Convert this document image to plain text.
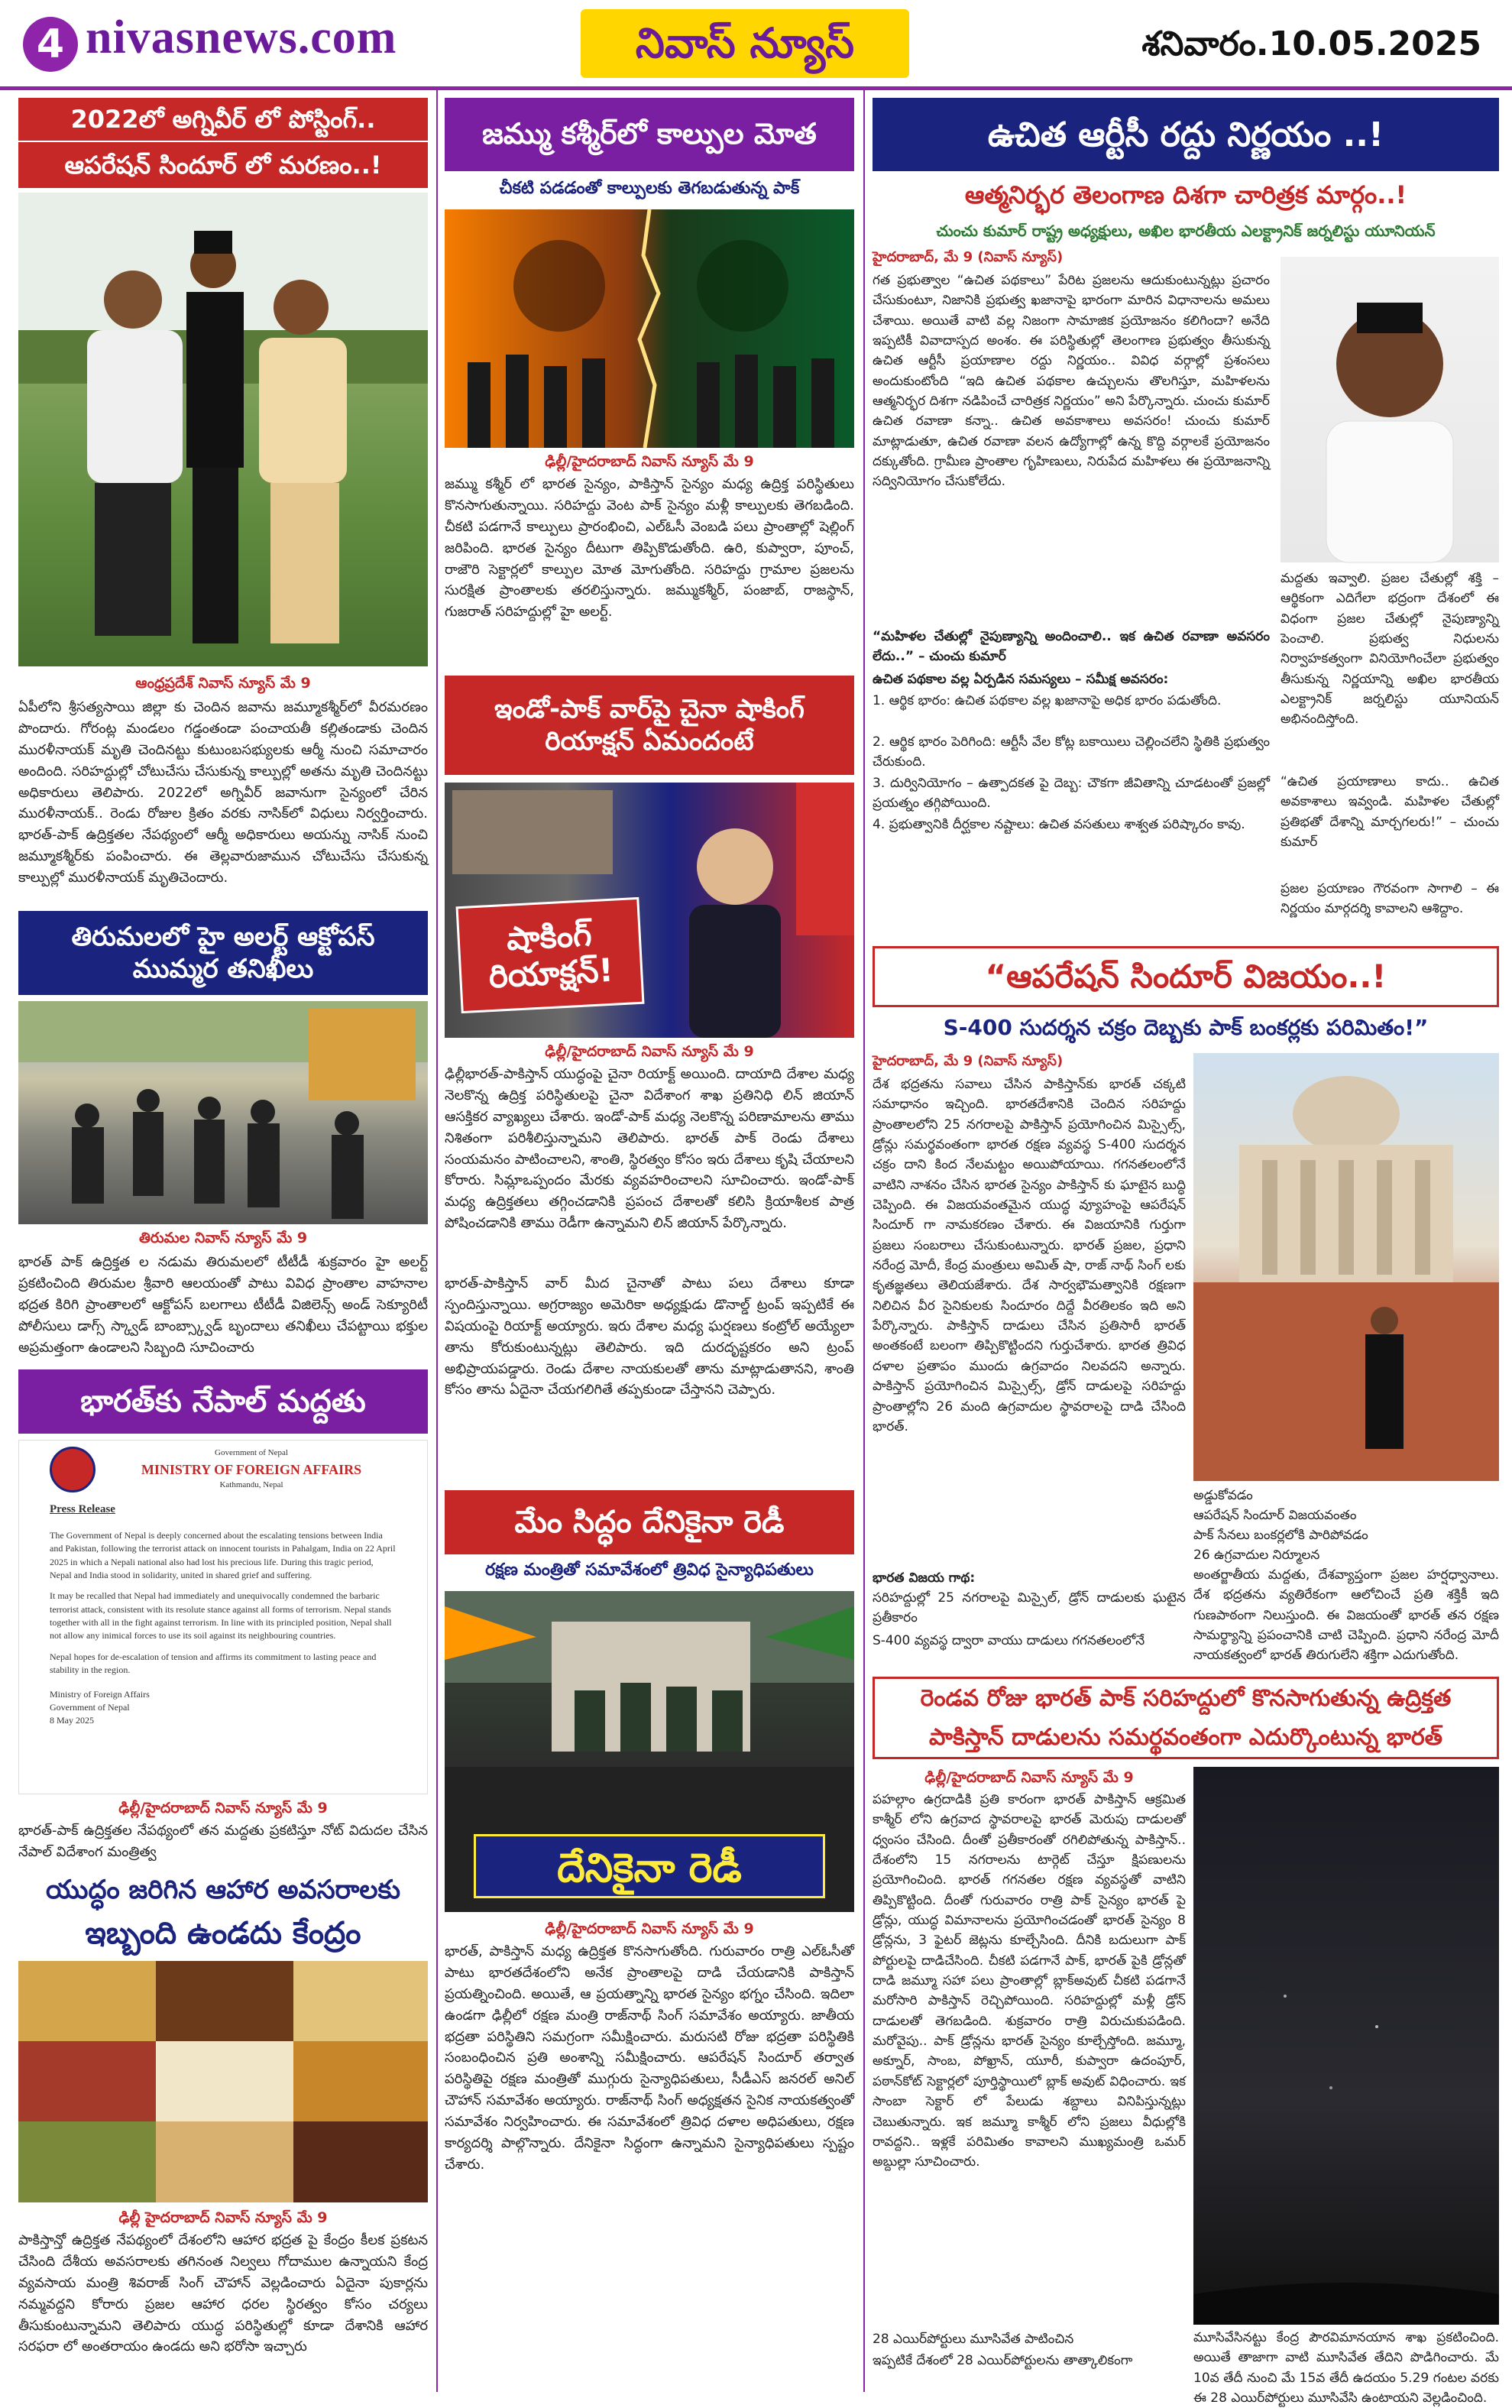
4 nivasnews.com	నివాస్ న్యూస్	శనివారం.10.05.2025
2022లో అగ్నివీర్ లో పోస్టింగ్..
ఆపరేషన్ సిందూర్ లో మరణం..!
ఆంధ్రప్రదేశ్ నివాస్ న్యూస్ మే 9
ఏపీలోని శ్రీసత్యసాయి జిల్లా కు చెందిన జవాను జమ్మూకశ్మీర్‌లో వీరమరణం పొందారు. గోరంట్ల మండలం గడ్డంతండా పంచాయతీ కల్లితండాకు చెందిన మురళీనాయక్ మృతి చెందినట్టు కుటుంబసభ్యులకు ఆర్మీ నుంచి సమాచారం అందింది. సరిహద్దుల్లో చోటుచేసు చేసుకున్న కాల్పుల్లో అతను మృతి చెందినట్టు అధికారులు తెలిపారు. 2022లో అగ్నివీర్ జవానుగా సైన్యంలో చేరిన మురళీనాయక్.. రెండు రోజుల క్రితం వరకు నాసిక్‌లో విధులు నిర్వర్తించారు. భారత్‌-పాక్ ఉద్రిక్తతల నేపథ్యంలో ఆర్మీ అధికారులు అయన్ను నాసిక్ నుంచి జమ్మూకశ్మీర్‌కు పంపించారు. ఈ తెల్లవారుజామున చోటుచేసు చేసుకున్న కాల్పుల్లో మురళీనాయక్ మృతిచెందారు.
తిరుమలలో హై అలర్ట్ ఆక్టోపస్ ముమ్మర తనిఖీలు
తిరుమల నివాస్ న్యూస్ మే 9
భారత్ పాక్ ఉద్రిక్తత ల నడుమ తిరుమలలో టీటీడీ శుక్రవారం హై అలర్ట్ ప్రకటించింది తిరుమల శ్రీవారి ఆలయంతో పాటు వివిధ ప్రాంతాల వాహనాల భద్రత కిరిగి ప్రాంతాలలో ఆక్టోపస్ బలగాలు టీటీడీ విజిలెన్స్ అండ్ సెక్యూరిటీ పోలీసులు డాగ్స్ స్క్వాడ్ బాంబ్స్క్వాడ్ బృందాలు తనిఖీలు చేపట్టాయి భక్తుల అప్రమత్తంగా ఉండాలని సిబ్బంది సూచించారు
భారత్‌కు నేపాల్ మద్దతు
Government of Nepal
MINISTRY OF FOREIGN AFFAIRS
Kathmandu, Nepal
Press Release

The Government of Nepal is deeply concerned about the escalating tensions between India and Pakistan, following the terrorist attack on innocent tourists in Pahalgam, India on 22 April 2025 in which a Nepali national also had lost his precious life. During this tragic period, Nepal and India stood in solidarity, united in shared grief and suffering.

It may be recalled that Nepal had immediately and unequivocally condemned the barbaric terrorist attack, consistent with its resolute stance against all forms of terrorism. Nepal stands together with all in the fight against terrorism. In line with its principled position, Nepal shall not allow any inimical forces to use its soil against its neighbouring countries.

Nepal hopes for de-escalation of tension and affirms its commitment to lasting peace and stability in the region.

Ministry of Foreign Affairs
Government of Nepal
8 May 2025
ఢిల్లీ/హైదరాబాద్ నివాస్ న్యూస్ మే 9
భారత్‌-పాక్ ఉద్రిక్తతల నేపథ్యంలో తన మద్దతు ప్రకటిస్తూ నోట్ విదుదల చేసిన నేపాల్ విదేశాంగ మంత్రిత్వ
యుద్ధం జరిగిన ఆహార అవసరాలకు
ఇబ్బంది ఉండదు కేంద్రం
ఢిల్లీ హైదరాబాద్ నివాస్ న్యూస్ మే 9
పాకిస్తాన్తో ఉద్రిక్తత నేపథ్యంలో దేశంలోని ఆహార భద్రత పై కేంద్రం కీలక ప్రకటన చేసింది దేశీయ అవసరాలకు తగినంత నిల్వలు గోదాముల ఉన్నాయని కేంద్ర వ్యవసాయ మంత్రి శివరాజ్ సింగ్ చౌహాన్ వెల్లడించారు ఏదైనా పుకార్లను నమ్మవద్దని కోరారు ప్రజల ఆహార ధరల స్థిరత్వం కోసం చర్యలు తీసుకుంటున్నామని తెలిపారు యుద్ధ పరిస్థితుల్లో కూడా దేశానికి ఆహార సరఫరా లో అంతరాయం ఉండదు అని భరోసా ఇచ్చారు
జమ్ము కశ్మీర్‌లో కాల్పుల మోత
చీకటి పడడంతో కాల్పులకు తెగబడుతున్న పాక్
ఢిల్లీ/హైదరాబాద్ నివాస్ న్యూస్ మే 9
జమ్ము కశ్మీర్ లో భారత సైన్యం, పాకిస్తాన్ సైన్యం మధ్య ఉద్రిక్త పరిస్థితులు కొనసాగుతున్నాయి. సరిహద్దు వెంట పాక్ సైన్యం మళ్లీ కాల్పులకు తెగబడింది. చీకటి పడగానే కాల్పులు ప్రారంభించి, ఎల్ఓసీ వెంబడి పలు ప్రాంతాల్లో షెల్లింగ్ జరిపింది. భారత సైన్యం దీటుగా తిప్పికొడుతోంది. ఉరి, కుప్వారా, పూంచ్, రాజౌరి సెక్టార్లలో కాల్పుల మోత మోగుతోంది. సరిహద్దు గ్రామాల ప్రజలను సురక్షిత ప్రాంతాలకు తరలిస్తున్నారు. జమ్ముకశ్మీర్, పంజాబ్, రాజస్థాన్, గుజరాత్ సరిహద్దుల్లో హై అలర్ట్.
ఇండో-పాక్ వార్‌పై చైనా షాకింగ్ రియాక్షన్ ఏమందంటే
షాకింగ్ రియాక్షన్!
ఢిల్లీ/హైదరాబాద్ నివాస్ న్యూస్ మే 9
ఢిల్లీభారత్‌-పాకిస్తాన్ యుద్ధంపై చైనా రియాక్ట్ అయింది. దాయాది దేశాల మధ్య నెలకొన్న ఉద్రిక్త పరిస్థితులపై చైనా విదేశాంగ శాఖ ప్రతినిధి లిన్ జియాన్ ఆసక్తికర వ్యాఖ్యలు చేశారు. ఇండో-పాక్ మధ్య నెలకొన్న పరిణామాలను తాము నిశితంగా పరిశీలిస్తున్నామని తెలిపారు. భారత్ పాక్ రెండు దేశాలు సంయమనం పాటించాలని, శాంతి, స్థిరత్వం కోసం ఇరు దేశాలు కృషి చేయాలని కోరారు. సిమ్లాఒప్పందం మేరకు వ్యవహరించాలని సూచించారు. ఇండో-పాక్ మధ్య ఉద్రిక్తతలు తగ్గించడానికి ప్రపంచ దేశాలతో కలిసి క్రియాశీలక పాత్ర పోషించడానికి తాము రెడీగా ఉన్నామని లిన్ జియాన్ పేర్కొన్నారు.
భారత్-పాకిస్తాన్ వార్ మీద చైనాతో పాటు పలు దేశాలు కూడా స్పందిస్తున్నాయి. అగ్రరాజ్యం అమెరికా అధ్యక్షుడు డొనాల్డ్ ట్రంప్ ఇప్పటికే ఈ విషయంపై రియాక్ట్ అయ్యారు. ఇరు దేశాల మధ్య ఘర్షణలు కంట్రోల్ అయ్యేలా తాను కోరుకుంటున్నట్లు తెలిపారు. ఇది దురదృష్టకరం అని ట్రంప్ అభిప్రాయపడ్డారు. రెండు దేశాల నాయకులతో తాను మాట్లాడుతానని, శాంతి కోసం తాను ఏదైనా చేయగలిగితే తప్పకుండా చేస్తానని చెప్పారు.
మేం సిద్ధం దేనికైనా రెడీ
రక్షణ మంత్రితో సమావేశంలో త్రివిధ సైన్యాధిపతులు
దేనికైనా రెడీ
ఢిల్లీ/హైదరాబాద్ నివాస్ న్యూస్ మే 9
భారత్, పాకిస్తాన్ మధ్య ఉద్రిక్తత కొనసాగుతోంది. గురువారం రాత్రి ఎల్ఓసీతో పాటు భారతదేశంలోని అనేక ప్రాంతాలపై దాడి చేయడానికి పాకిస్తాన్ ప్రయత్నించింది. అయితే, ఆ ప్రయత్నాన్ని భారత సైన్యం భగ్నం చేసింది. ఇదిలా ఉండగా ఢిల్లీలో రక్షణ మంత్రి రాజ్‌నాథ్ సింగ్ సమావేశం అయ్యారు. జాతీయ భద్రతా పరిస్థితిని సమగ్రంగా సమీక్షించారు. మరుసటి రోజు భద్రతా పరిస్థితికి సంబంధించిన ప్రతి అంశాన్ని సమీక్షించారు. ఆపరేషన్ సిందూర్ తర్వాత పరిస్థితిపై రక్షణ మంత్రితో ముగ్గురు సైన్యాధిపతులు, సీడీఎస్ జనరల్ అనిల్ చౌహాన్ సమావేశం అయ్యారు. రాజ్‌నాథ్ సింగ్ అధ్యక్షతన సైనిక నాయకత్వంతో సమావేశం నిర్వహించారు. ఈ సమావేశంలో త్రివిధ దళాల అధిపతులు, రక్షణ కార్యదర్శి పాల్గొన్నారు. దేనికైనా సిద్ధంగా ఉన్నామని సైన్యాధిపతులు స్పష్టం చేశారు.
ఉచిత ఆర్టీసీ రద్దు నిర్ణయం ..!
ఆత్మనిర్భర తెలంగాణ దిశగా చారిత్రక మార్గం..!
చుంచు కుమార్ రాష్ట్ర అధ్యక్షులు, అఖిల భారతీయ ఎలక్ట్రానిక్ జర్నలిస్టు యూనియన్
హైదరాబాద్, మే 9 (నివాస్ న్యూస్)
గత ప్రభుత్వాల “ఉచిత పథకాలు” పేరిట ప్రజలను ఆదుకుంటున్నట్లు ప్రచారం చేసుకుంటూ, నిజానికి ప్రభుత్వ ఖజానాపై భారంగా మారిన విధానాలను అమలు చేశాయి. అయితే వాటి వల్ల నిజంగా సామాజిక ప్రయోజనం కలిగిందా? అనేది ఇప్పటికీ వివాదాస్పద అంశం. ఈ పరిస్థితుల్లో తెలంగాణ ప్రభుత్వం తీసుకున్న ఉచిత ఆర్టీసీ ప్రయాణాల రద్దు నిర్ణయం.. వివిధ వర్గాల్లో ప్రశంసలు అందుకుంటోంది “ఇది ఉచిత పథకాల ఉచ్చులను తొలగిస్తూ, మహిళలను ఆత్మనిర్భర దిశగా నడిపించే చారిత్రక నిర్ణయం” అని పేర్కొన్నారు. చుంచు కుమార్ ఉచిత రవాణా కన్నా.. ఉచిత అవకాశాలు అవసరం! చుంచు కుమార్ మాట్లాడుతూ, ఉచిత రవాణా వలన ఉద్యోగాల్లో ఉన్న కొద్ది వర్గాలకే ప్రయోజనం దక్కుతోంది. గ్రామీణ ప్రాంతాల గృహిణులు, నిరుపేద మహిళలు ఈ ప్రయోజనాన్ని సద్వినియోగం చేసుకోలేదు.
“మహిళల చేతుల్లో నైపుణ్యాన్ని అందించాలి.. ఇక ఉచిత రవాణా అవసరం లేదు..” – చుంచు కుమార్
ఉచిత పథకాల వల్ల ఏర్పడిన సమస్యలు – సమీక్ష అవసరం:
1. ఆర్థిక భారం: ఉచిత పథకాల వల్ల ఖజానాపై అధిక భారం పడుతోంది.
2. ఆర్థిక భారం పెరిగింది: ఆర్టీసీ వేల కోట్ల బకాయిలు చెల్లించలేని స్థితికి ప్రభుత్వం చేరుకుంది.
3. దుర్వినియోగం – ఉత్పాదకత పై దెబ్బ: చౌకగా జీవితాన్ని చూడటంతో ప్రజల్లో ప్రయత్నం తగ్గిపోయింది.
4. ప్రభుత్వానికి దీర్ఘకాల నష్టాలు: ఉచిత వసతులు శాశ్వత పరిష్కారం కావు.
మద్దతు ఇవ్వాలి. ప్రజల చేతుల్లో శక్తి – ఆర్థికంగా ఎదిగేలా భద్రంగా దేశంలో ఈ విధంగా ప్రజల చేతుల్లో నైపుణ్యాన్ని పెంచాలి. ప్రభుత్వ నిధులను నిర్వాహకత్వంగా వినియోగించేలా ప్రభుత్వం తీసుకున్న నిర్ణయాన్ని అఖిల భారతీయ ఎలక్ట్రానిక్ జర్నలిస్టు యూనియన్ అభినందిస్తోంది.
“ఉచిత ప్రయాణాలు కాదు.. ఉచిత అవకాశాలు ఇవ్వండి. మహిళల చేతుల్లో ప్రతిభతో దేశాన్ని మార్చగలరు!” – చుంచు కుమార్
ప్రజల ప్రయాణం గౌరవంగా సాగాలి – ఈ నిర్ణయం మార్గదర్శి కావాలని ఆశిద్దాం.
“ఆపరేషన్ సిందూర్ విజయం..!
S-400 సుదర్శన చక్రం దెబ్బకు పాక్ బంకర్లకు పరిమితం!”
హైదరాబాద్, మే 9 (నివాస్ న్యూస్)
దేశ భద్రతను సవాలు చేసిన పాకిస్తాన్‌కు భారత్ చక్కటి సమాధానం ఇచ్చింది. భారతదేశానికి చెందిన సరిహద్దు ప్రాంతాలలోని 25 నగరాలపై పాకిస్తాన్ ప్రయోగించిన మిస్సైల్స్, డ్రోన్లు సమర్థవంతంగా భారత రక్షణ వ్యవస్థ S-400 సుదర్శన చక్రం దాని కింద నేలమట్టం అయిపోయాయి. గగనతలంలోనే వాటిని నాశనం చేసిన భారత సైన్యం పాకిస్తాన్ కు ఘాటైన బుద్ధి చెప్పింది. ఈ విజయవంతమైన యుద్ధ వ్యూహంపై ఆపరేషన్ సిందూర్ గా నామకరణం చేశారు. ఈ విజయానికి గుర్తుగా ప్రజలు సంబరాలు చేసుకుంటున్నారు. భారత్ ప్రజల, ప్రధాని నరేంద్ర మోదీ, కేంద్ర మంత్రులు అమిత్ షా, రాజ్ నాథ్ సింగ్ లకు కృతజ్ఞతలు తెలియజేశారు. దేశ సార్వభౌమత్వానికి రక్షణగా నిలిచిన వీర సైనికులకు సిందూరం దిద్దే వీరతిలకం ఇది అని పేర్కొన్నారు. పాకిస్తాన్ దాడులు చేసిన ప్రతిసారీ భారత్ అంతకంటే బలంగా తిప్పికొట్టిందని గుర్తుచేశారు. భారత త్రివిధ దళాల ప్రతాపం ముందు ఉగ్రవాదం నిలవదని అన్నారు. పాకిస్తాన్ ప్రయోగించిన మిస్సైల్స్, డ్రోన్ దాడులపై సరిహద్దు ప్రాంతాల్లోని 26 మంది ఉగ్రవాదుల స్థావరాలపై దాడి చేసింది భారత్.
భారత విజయ గాథ:
సరిహద్దుల్లో 25 నగరాలపై మిస్సైల్, డ్రోన్ దాడులకు ఘటైన ప్రతీకారం
S-400 వ్యవస్థ ద్వారా వాయు దాడులు గగనతలంలోనే
అడ్డుకోవడం
ఆపరేషన్ సిందూర్ విజయవంతం
పాక్ సేనలు బంకర్లలోకి పారిపోవడం
26 ఉగ్రవాదుల నిర్మూలన
అంతర్జాతీయ మద్దతు, దేశవ్యాప్తంగా ప్రజల హర్షధ్వానాలు. దేశ భద్రతను వ్యతిరేకంగా ఆలోచించే ప్రతి శక్తికీ ఇది గుణపాఠంగా నిలుస్తుంది. ఈ విజయంతో భారత్ తన రక్షణ సామర్థ్యాన్ని ప్రపంచానికి చాటి చెప్పింది. ప్రధాని నరేంద్ర మోదీ నాయకత్వంలో భారత్ తిరుగులేని శక్తిగా ఎదుగుతోంది.
రెండవ రోజు భారత్ పాక్ సరిహద్దులో కొనసాగుతున్న ఉద్రిక్తత
పాకిస్తాన్ దాడులను సమర్థవంతంగా ఎదుర్కొంటున్న భారత్
ఢిల్లీ/హైదరాబాద్ నివాస్ న్యూస్ మే 9
పహల్గాం ఉగ్రదాడికి ప్రతి కారంగా భారత్ పాకిస్తాన్ ఆక్రమిత కాశ్మీర్ లోని ఉగ్రవాద స్థావరాలపై భారత్ మెరుపు దాడులతో ధ్వంసం చేసింది. దీంతో ప్రతీకారంతో రగిలిపోతున్న పాకిస్తాన్.. దేశంలోని 15 నగరాలను టార్గెట్ చేస్తూ క్షిపణులను ప్రయోగించింది. భారత్ గగనతల రక్షణ వ్యవస్థతో వాటిని తిప్పికొట్టింది. దీంతో గురువారం రాత్రి పాక్ సైన్యం భారత్ పై డ్రోన్లు, యుద్ధ విమానాలను ప్రయోగించడంతో భారత్ సైన్యం 8 డ్రోన్లను, 3 ఫైటర్ జెట్లను కూల్చేసింది. దీనికి బదులుగా పాక్ పోర్టులపై దాడిచేసింది. చీకటి పడగానే పాక్, భారత్ పైకి డ్రోన్లతో దాడి జమ్మూ సహా పలు ప్రాంతాల్లో బ్లాక్అవుట్ చీకటి పడగానే మరోసారి పాకిస్తాన్ రెచ్చిపోయింది. సరిహద్దుల్లో మళ్లీ డ్రోన్ దాడులతో తెగబడింది. శుక్రవారం రాత్రి విరుచుకుపడింది. మరోవైపు.. పాక్ డ్రోన్లను భారత్ సైన్యం కూల్చేస్తోంది. జమ్మూ, అక్నూర్, సాంబ, పోఖ్రాన్, యూరీ, కుప్వారా ఉదంపూర్, పఠాన్‌కోట్ సెక్టార్లలో పూర్తిస్థాయిలో బ్లాక్ అవుట్ విధించారు. ఇక సాంబా సెక్టార్ లో పేలుడు శబ్దాలు వినిపిస్తున్నట్లు చెబుతున్నారు. ఇక జమ్మూ కాశ్మీర్ లోని ప్రజలు వీధుల్లోకి రావద్దని.. ఇళ్లకే పరిమితం కావాలని ముఖ్యమంత్రి ఒమర్ అబ్దుల్లా సూచించారు.
28 ఎయిర్‌పోర్టులు మూసివేత పాటించిన
ఇప్పటికే దేశంలో 28 ఎయిర్‌పోర్టులను తాత్కాలికంగా
మూసివేసినట్టు కేంద్ర పౌరవిమానయాన శాఖ ప్రకటించింది. అయితే తాజాగా వాటి మూసివేత తేదిని పొడిగించారు. మే 10వ తేదీ నుంచి మే 15వ తేదీ ఉదయం 5.29 గంటల వరకు ఈ 28 ఎయిర్‌పోర్టులు మూసివేసి ఉంటాయని వెల్లడించింది.
